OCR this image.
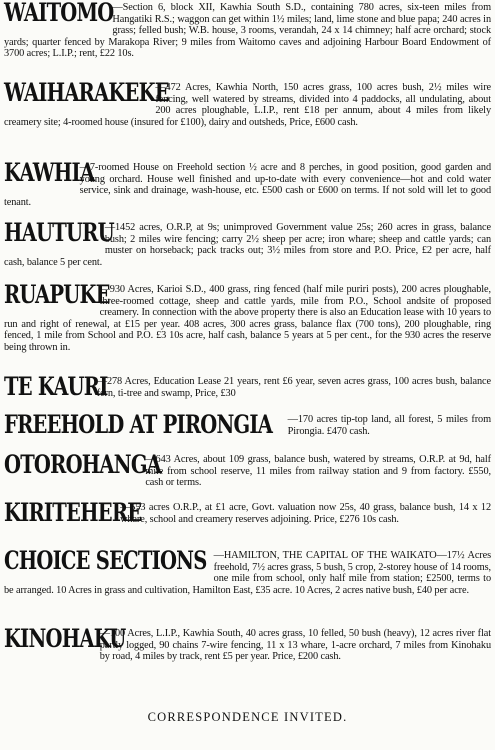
WAITOMO
—Section 6, block XII, Kawhia South S.D., containing 780 acres, six-teen miles from Hangatiki R.S.; waggon can get within 1½ miles; land, lime stone and blue papa; 240 acres in grass; felled bush; W.B. house, 3 rooms, verandah, 24 x 14 chimney; half acre orchard; stock yards; quarter fenced by Marakopa River; 9 miles from Waitomo caves and adjoining Harbour Board Endowment of 3700 acres; L.I.P.; rent, £22 10s.
WAIHARAKEKE
—472 Acres, Kawhia North, 150 acres grass, 100 acres bush, 2½ miles wire fencing, well watered by streams, divided into 4 paddocks, all undulating, about 200 acres ploughable, L.I.P., rent £18 per annum, about 4 miles from likely creamery site; 4-roomed house (insured for £100), dairy and outsheds, Price, £600 cash.
KAWHIA
—7-roomed House on Freehold section ½ acre and 8 perches, in good position, good garden and young orchard. House well finished and up-to-date with every convenience—hot and cold water service, sink and drainage, wash-house, etc. £500 cash or £600 on terms. If not sold will let to good tenant.
HAUTURU
—1452 acres, O.R.P, at 9s; unimproved Government value 25s; 260 acres in grass, balance bush; 2 miles wire fencing; carry 2½ sheep per acre; iron whare; sheep and cattle yards; can muster on horseback; pack tracks out; 3½ miles from store and P.O. Price, £2 per acre, half cash, balance 5 per cent.
RUAPUKE
—930 Acres, Karioi S.D., 400 grass, ring fenced (half mile puriri posts), 200 acres ploughable, three-roomed cottage, sheep and cattle yards, mile from P.O., School andsite of proposed creamery. In connection with the above property there is also an Education lease with 10 years to run and right of renewal, at £15 per year. 408 acres, 300 acres grass, balance flax (700 tons), 200 ploughable, ring fenced, 1 mile from School and P.O. £3 10s acre, half cash, balance 5 years at 5 per cent., for the 930 acres the reserve being thrown in.
TE KAURI
—278 Acres, Education Lease 21 years, rent £6 year, seven acres grass, 100 acres bush, balance fern, ti-tree and swamp, Price, £30
FREEHOLD AT PIRONGIA	—170 acres tip-top land, all forest, 5 miles from Pirongia. £470 cash.
OTOROHANGA
—643 Acres, about 109 grass, balance bush, watered by streams, O.R.P. at 9d, half mile from school reserve, 11 miles from railway station and 9 from factory. £550, cash or terms.
KIRITEHERE
—553 acres O.R.P., at £1 acre, Govt. valuation now 25s, 40 grass, balance bush, 14 x 12 whare, school and creamery reserves adjoining. Price, £276 10s cash.
CHOICE SECTIONS —HAMILTON, THE CAPITAL OF THE WAIKATO—17½ Acres freehold, 7½ acres grass, 5 bush, 5 crop, 2-storey house of 14 rooms, one mile from school, only half mile from station; £2500, terms to be arranged. 10 Acres in grass and cultivation, Hamilton East, £35 acre. 10 Acres, 2 acres native bush, £40 per acre.
KINOHAKU
—100 Acres, L.I.P., Kawhia South, 40 acres grass, 10 felled, 50 bush (heavy), 12 acres river flat partly logged, 90 chains 7-wire fencing, 11 x 13 whare, 1-acre orchard, 7 miles from Kinohaku by road, 4 miles by track, rent £5 per year. Price, £200 cash.
CORRESPONDENCE INVITED.
